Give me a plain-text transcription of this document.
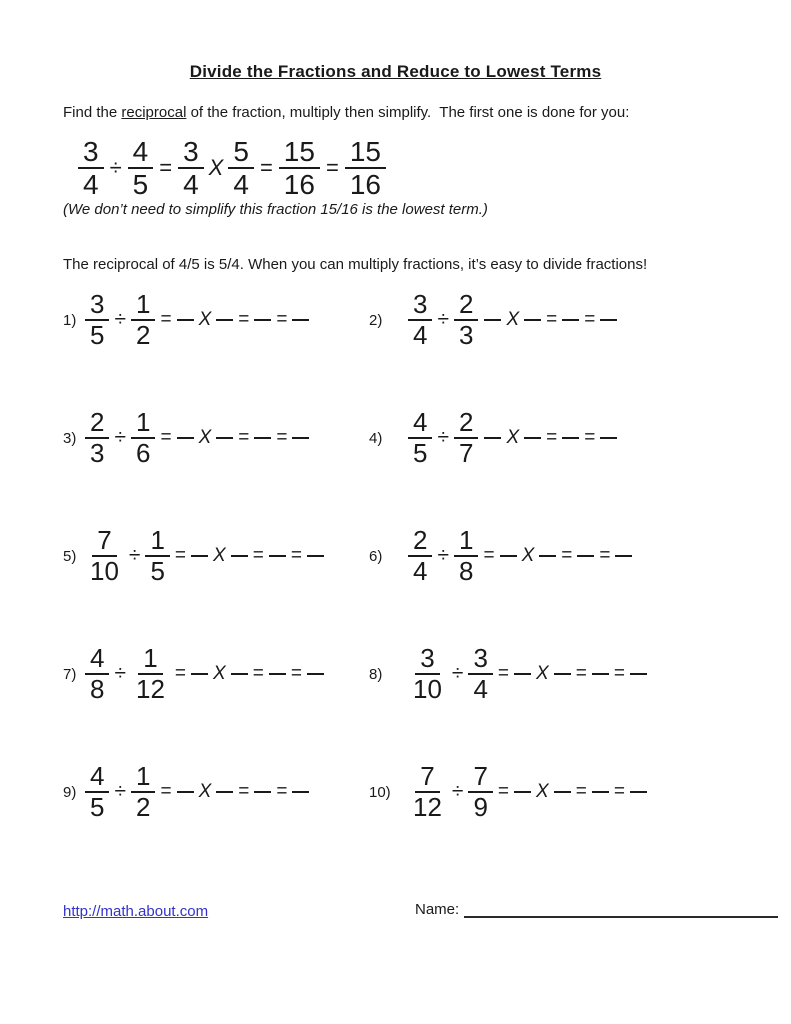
Divide the Fractions and Reduce to Lowest Terms
Find the reciprocal of the fraction, multiply then simplify.  The first one is done for you:
$\frac{3}{4} \div \frac{4}{5} = \frac{3}{4}$ X $\frac{5}{4} = \frac{15}{16} = \frac{15}{16}$
(We don’t need to simplify this fraction 15/16 is the lowest term.)
The reciprocal of 4/5 is 5/4. When you can multiply fractions, it’s easy to divide fractions!
$1) \frac{3}{5} \div \frac{1}{2} = X$ = =	$2) \frac{3}{4} \div \frac{2}{3}$ X = =
$3) \frac{2}{3} \div \frac{1}{6} = X$ = =	$4) \frac{4}{5} \div \frac{2}{7}$ X = =
$5) \frac{7}{10} \div \frac{1}{5} = X$ = =	$6) \frac{2}{4} \div \frac{1}{8} = X$ = =
$7) \frac{4}{8} \div \frac{1}{12} = X$ = =	$8) \frac{3}{10} \div \frac{3}{4} = X$ = =
$9) \frac{4}{5} \div \frac{1}{2} = X$ = =	$10) \frac{7}{12} \div \frac{7}{9} = X$ = =
http://math.about.com	Name:
